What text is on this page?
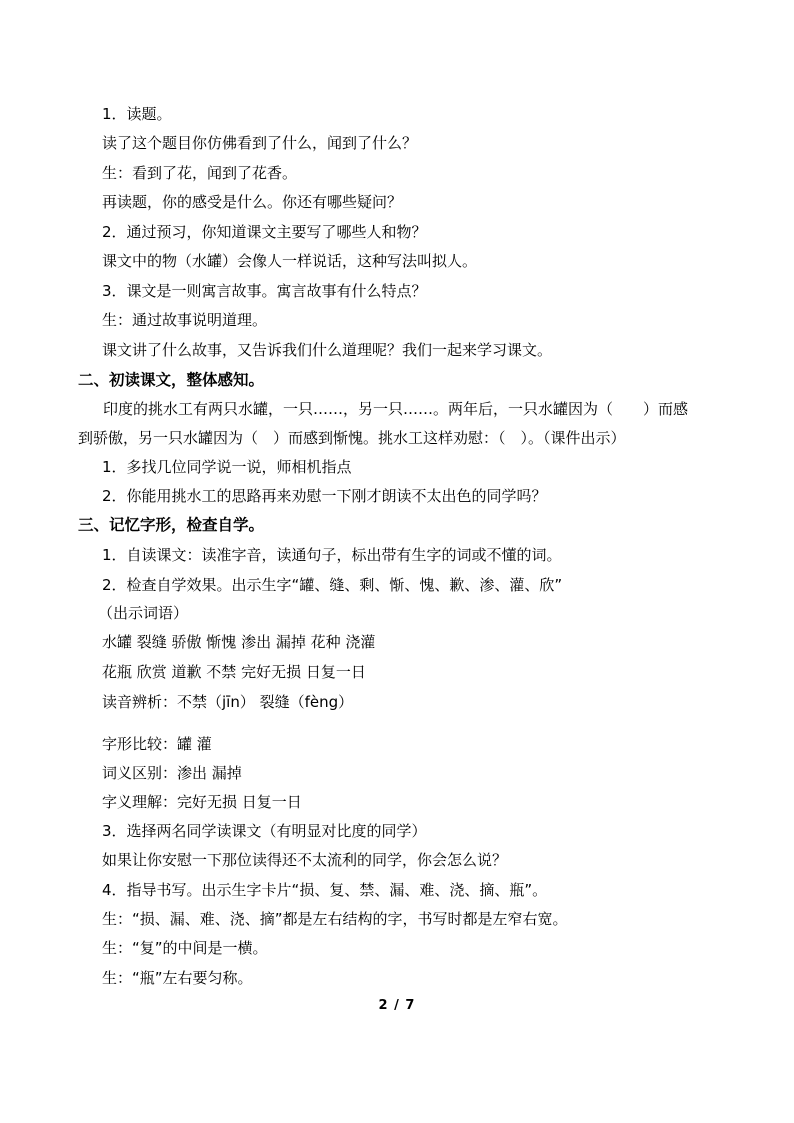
1．读题。

读了这个题目你仿佛看到了什么，闻到了什么？

生：看到了花，闻到了花香。

再读题，你的感受是什么。你还有哪些疑问？

2．通过预习，你知道课文主要写了哪些人和物？

课文中的物（水罐）会像人一样说话，这种写法叫拟人。

3．课文是一则寓言故事。寓言故事有什么特点？

生：通过故事说明道理。

课文讲了什么故事，又告诉我们什么道理呢？我们一起来学习课文。

二、初读课文，整体感知。

印度的挑水工有两只水罐，一只……，另一只……。两年后，一只水罐因为（　　）而感

到骄傲，另一只水罐因为（　）而感到惭愧。挑水工这样劝慰：（　）。（课件出示）

1．多找几位同学说一说，师相机指点

2．你能用挑水工的思路再来劝慰一下刚才朗读不太出色的同学吗？

三、记忆字形，检查自学。

1．自读课文：读准字音，读通句子，标出带有生字的词或不懂的词。

2．检查自学效果。出示生字“罐、缝、剩、惭、愧、歉、渗、灌、欣”

（出示词语）

水罐 裂缝 骄傲 惭愧 渗出 漏掉 花种 浇灌

花瓶 欣赏 道歉 不禁 完好无损 日复一日

读音辨析：不禁（jīn） 裂缝（fèng）

字形比较：罐 灌

词义区别：渗出 漏掉

字义理解：完好无损 日复一日

3．选择两名同学读课文（有明显对比度的同学）

如果让你安慰一下那位读得还不太流利的同学，你会怎么说？

4．指导书写。出示生字卡片“损、复、禁、漏、难、浇、摘、瓶”。

生：“损、漏、难、浇、摘”都是左右结构的字，书写时都是左窄右宽。

生：“复”的中间是一横。

生：“瓶”左右要匀称。

2 / 7
